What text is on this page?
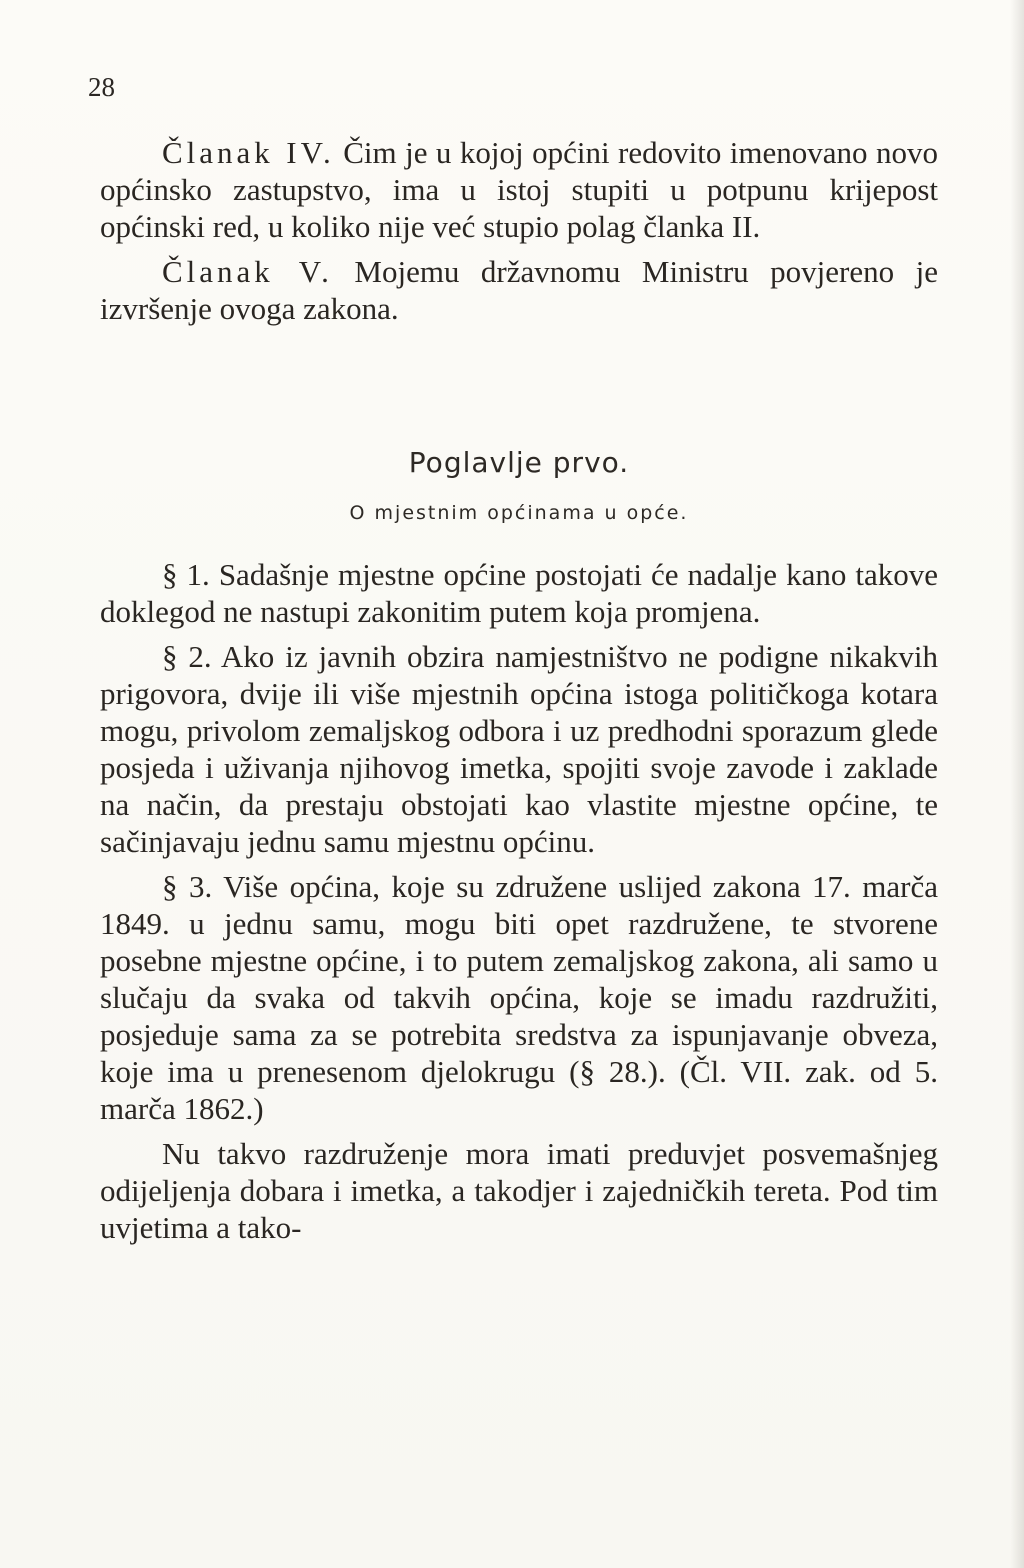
28

Članak IV. Čim je u kojoj općini redovito imenovano novo općinsko zastupstvo, ima u istoj stupiti u potpunu krijepost općinski red, u koliko nije već stupio polag članka II.

Članak V. Mojemu državnomu Ministru povjereno je izvršenje ovoga zakona.

Poglavlje prvo.
O mjestnim općinama u opće.

§ 1. Sadašnje mjestne općine postojati će nadalje kano takove doklegod ne nastupi zakonitim putem koja promjena.

§ 2. Ako iz javnih obzira namjestništvo ne podigne nikakvih prigovora, dvije ili više mjestnih općina istoga političkoga kotara mogu, privolom zemaljskog odbora i uz predhodni sporazum glede posjeda i uživanja njihovog imetka, spojiti svoje zavode i zaklade na način, da prestaju obstojati kao vlastite mjestne općine, te sačinjavaju jednu samu mjestnu općinu.

§ 3. Više općina, koje su združene uslijed zakona 17. marča 1849. u jednu samu, mogu biti opet razdružene, te stvorene posebne mjestne općine, i to putem zemaljskog zakona, ali samo u slučaju da svaka od takvih općina, koje se imadu razdružiti, posjeduje sama za se potrebita sredstva za ispunjavanje obveza, koje ima u prenesenom djelokrugu (§ 28.). (Čl. VII. zak. od 5. marča 1862.)

Nu takvo razdruženje mora imati preduvjet posvemašnjeg odijeljenja dobara i imetka, a takodjer i zajedničkih tereta. Pod tim uvjetima a tako-
